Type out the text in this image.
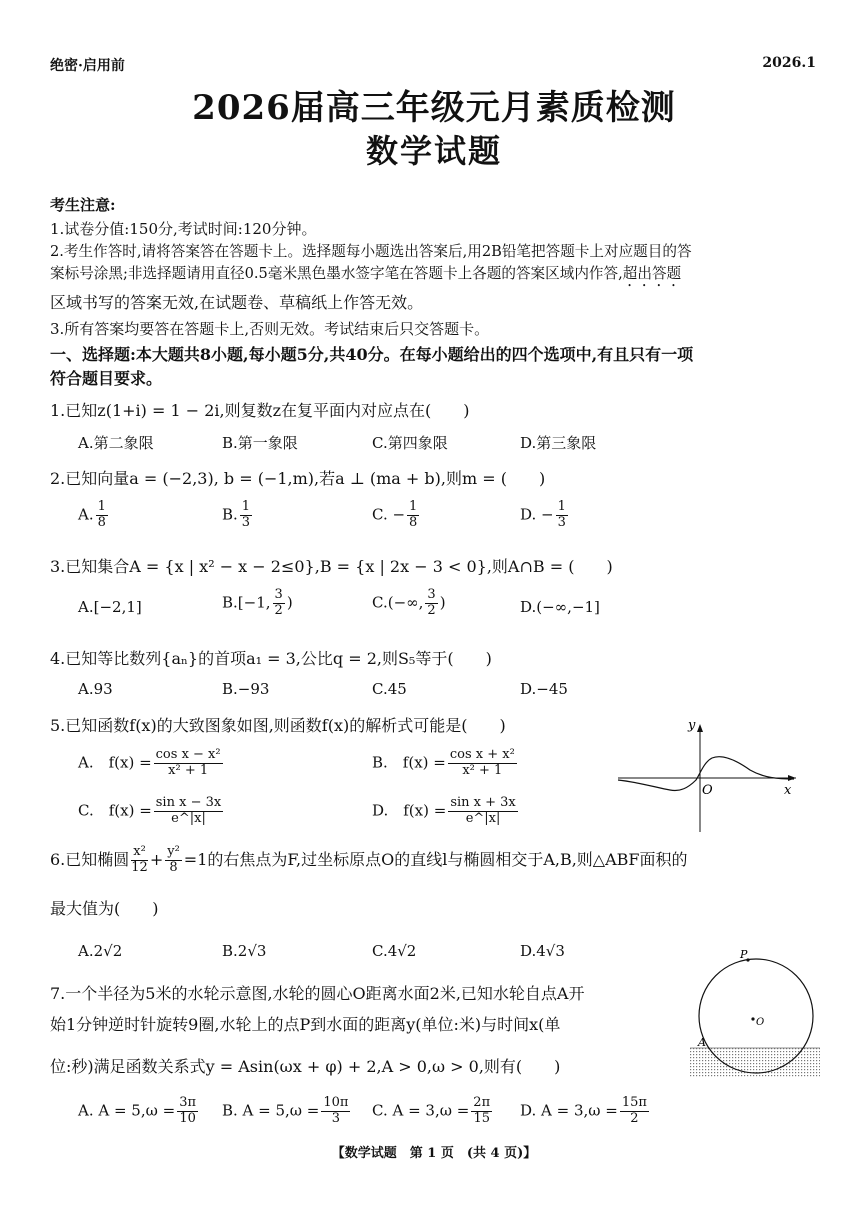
绝密·启用前	2026.1
2026届高三年级元月素质检测
数学试题
考生注意:
1.试卷分值:150分,考试时间:120分钟。
2.考生作答时,请将答案答在答题卡上。选择题每小题选出答案后,用2B铅笔把答题卡上对应题目的答
案标号涂黑;非选择题请用直径0.5毫米黑色墨水签字笔在答题卡上各题的答案区域内作答,超出答题
区域书写的答案无效,在试题卷、草稿纸上作答无效。
3.所有答案均要答在答题卡上,否则无效。考试结束后只交答题卡。
一、选择题:本大题共8小题,每小题5分,共40分。在每小题给出的四个选项中,有且只有一项
符合题目要求。
1.已知z(1+i) = 1 − 2i,则复数z在复平面内对应点在(　　)
A.第二象限	B.第一象限	C.第四象限	D.第三象限
2.已知向量a = (−2,3), b = (−1,m),若a ⊥ (ma + b),则m = (　　)
A. $\frac{1}{8}$	B. $\frac{1}{3}$	C. − $\frac{1}{8}$	D. − $\frac{1}{3}$
3.已知集合A = {x | x² − x − 2≤0},B = {x | 2x − 3 < 0},则A∩B = (　　)
A.[−2,1]	B.[−1, $\frac{3}{2}$ )	C.(−∞, $\frac{3}{2}$ )	D.(−∞,−1]
4.已知等比数列{aₙ}的首项a₁ = 3,公比q = 2,则S₅等于(　　)
A.93	B.−93	C.45	D.−45
5.已知函数f(x)的大致图象如图,则函数f(x)的解析式可能是(　　)
A.　$f(x) = \frac{\text{cos x − x²}}{\text{x² + 1}}$	B.　$f(x) = \frac{\text{cos x + x²}}{\text{x² + 1}}$
C.　$f(x) = \frac{\text{sin x − 3x}}{e\^{}|x|}$	D.　$f(x) = \frac{\text{sin x + 3x}}{e\^{}|x|}$
y
O	x
6.已知椭圆 $\frac{\text{x²}}{12} + \frac{\text{y²}}{8} =1$的右焦点为F,过坐标原点O的直线l与椭圆相交于A,B,则△ABF面积的
最大值为(　　)
A.2√2	B.2√3	C.4√2	D.4√3
7.一个半径为5米的水轮示意图,水轮的圆心O距离水面2米,已知水轮自点A开
始1分钟逆时针旋转9圈,水轮上的点P到水面的距离y(单位:米)与时间x(单
位:秒)满足函数关系式y = Asin(ωx + φ) + 2,A > 0,ω > 0,则有(　　)
A. $A = 5,\omega = \frac{3\pi}{10} B$. $A = 5,\omega = \frac{10\pi}{3} C$. $A = 3,\omega = \frac{2\pi}{15} D$. $A = 3,\omega = \frac{15\pi}{2}$
P
O
A
【数学试题　第 1 页　(共 4 页)】
